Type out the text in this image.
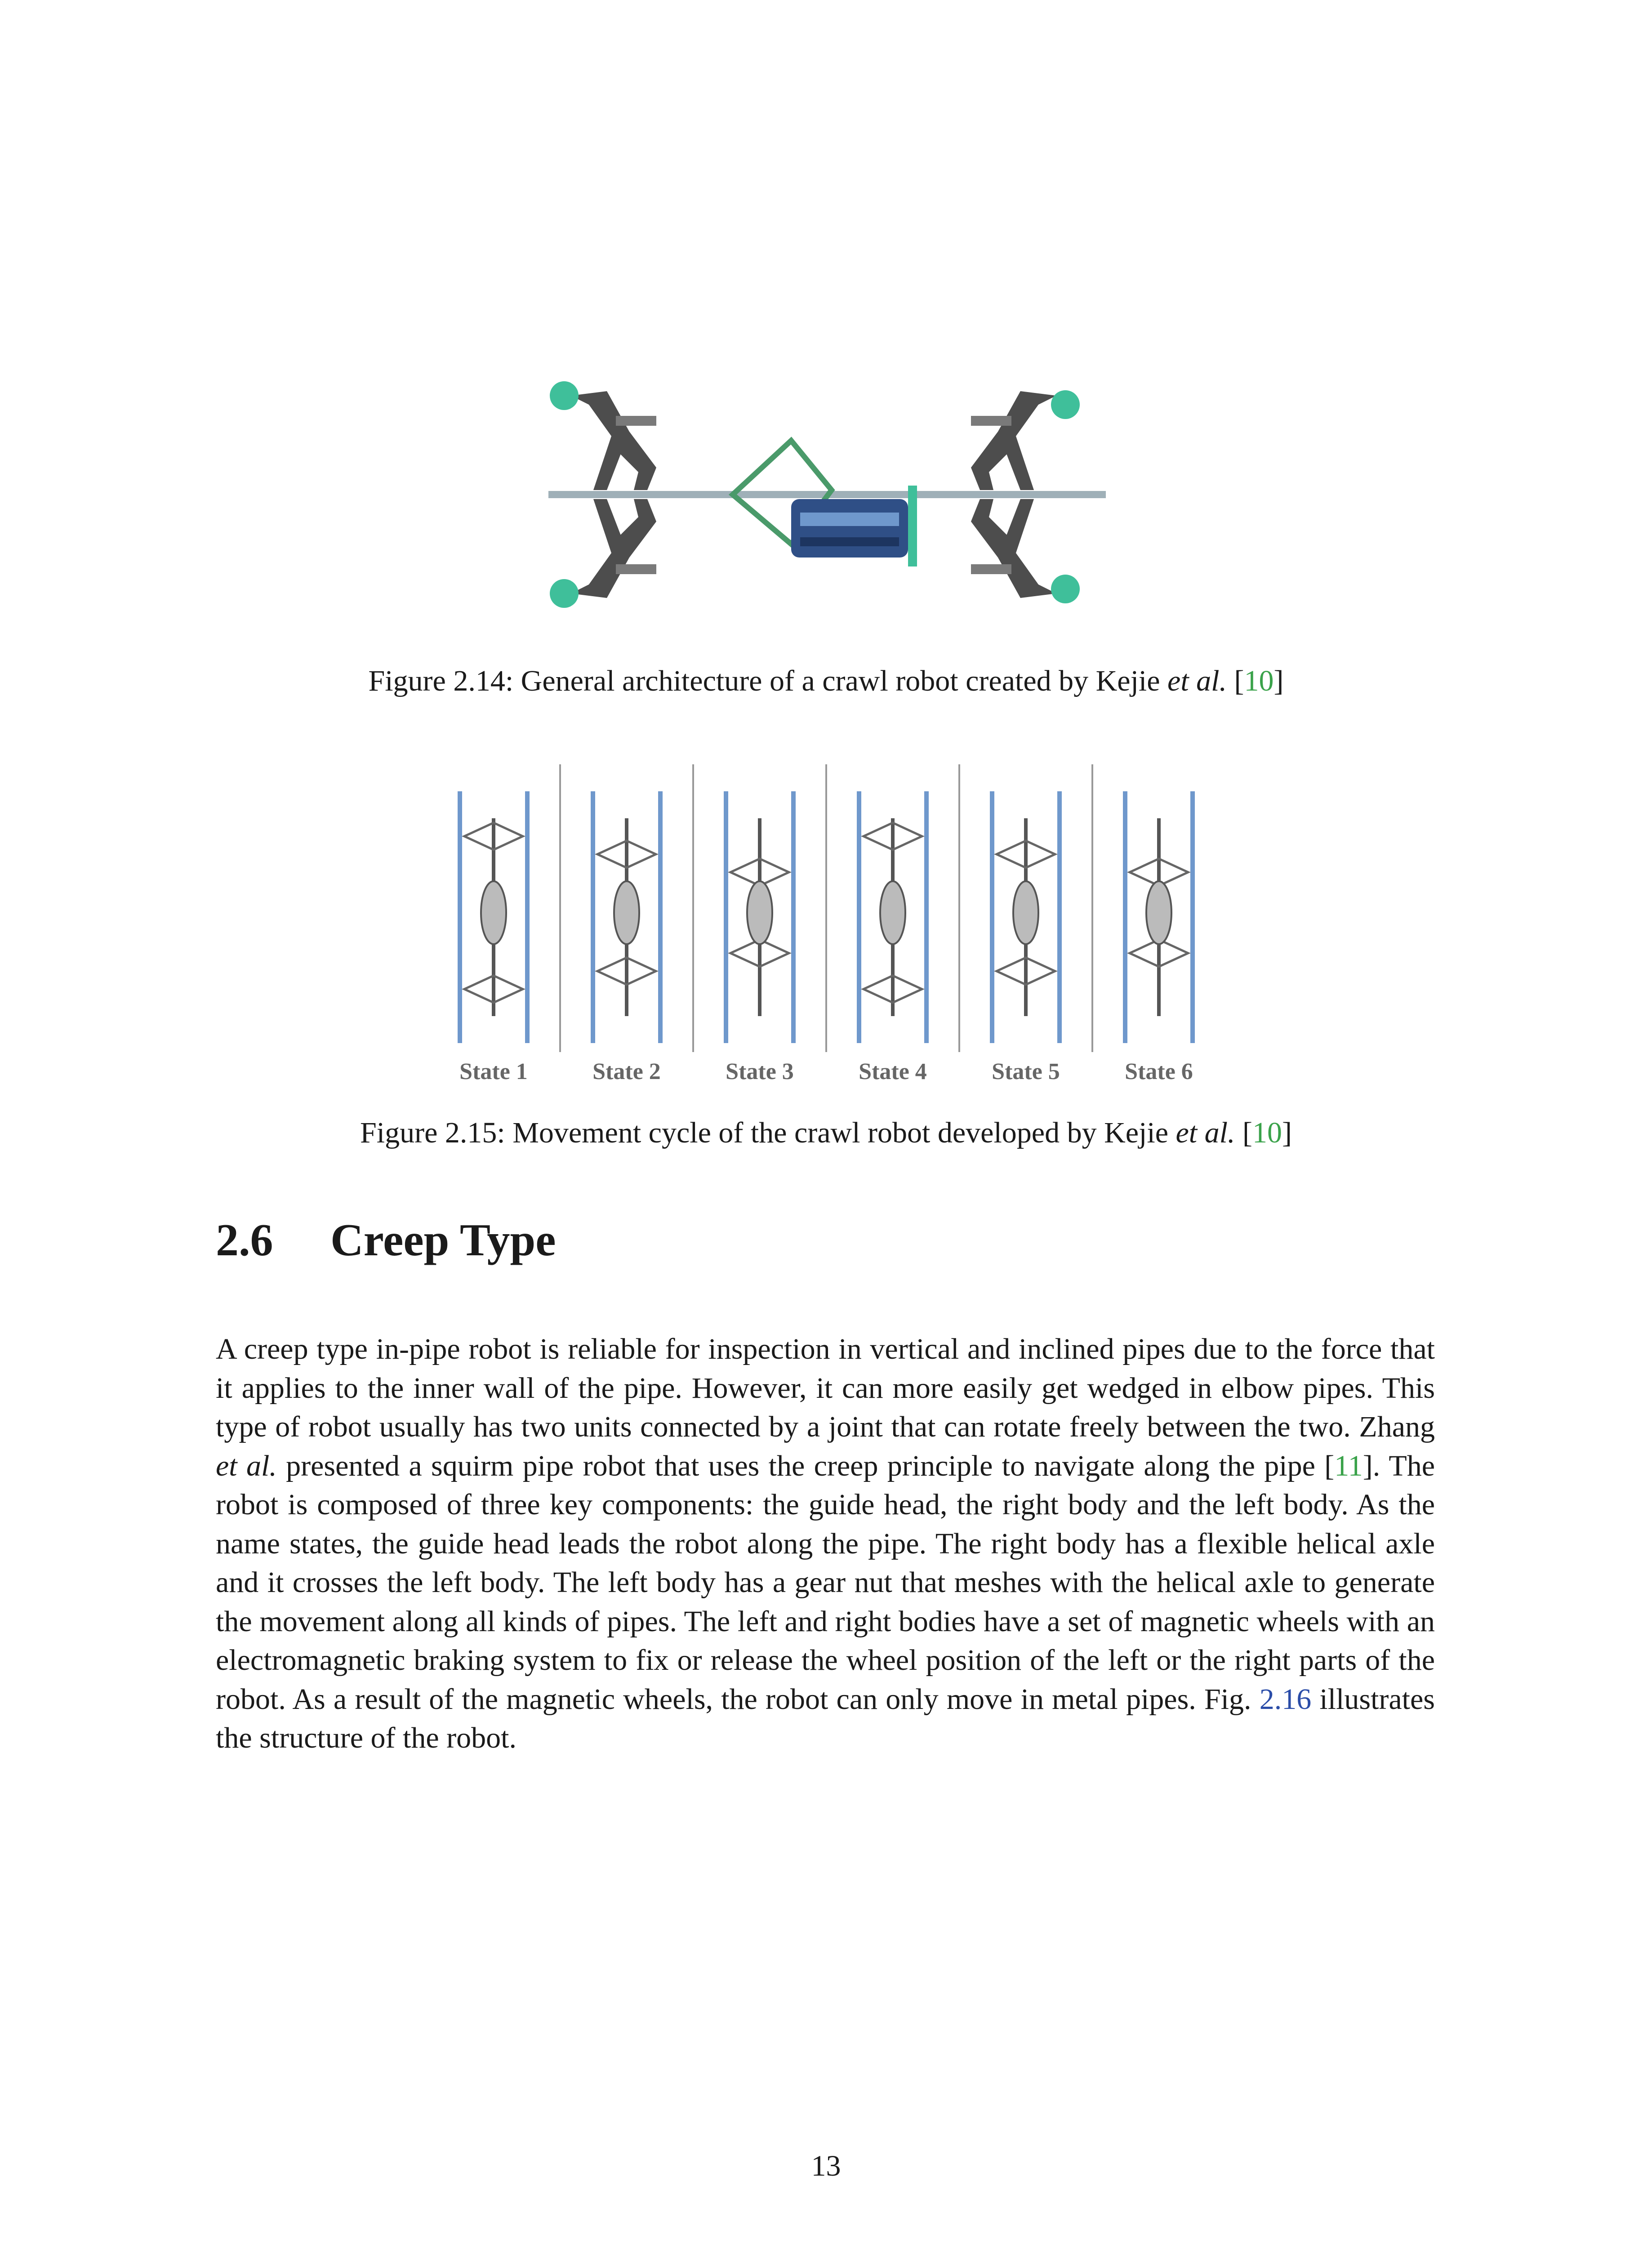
Figure 2.14: General architecture of a crawl robot created by Kejie et al. [10]
State 1	State 2	State 3	State 4	State 5	State 6
Figure 2.15: Movement cycle of the crawl robot developed by Kejie et al. [10]
2.6 Creep Type
A creep type in-pipe robot is reliable for inspection in vertical and inclined pipes due to the force that it applies to the inner wall of the pipe. However, it can more easily get wedged in elbow pipes. This type of robot usually has two units connected by a joint that can rotate freely between the two. Zhang et al. presented a squirm pipe robot that uses the creep principle to navigate along the pipe [11]. The robot is composed of three key components: the guide head, the right body and the left body. As the name states, the guide head leads the robot along the pipe. The right body has a flexible helical axle and it crosses the left body. The left body has a gear nut that meshes with the helical axle to generate the movement along all kinds of pipes. The left and right bodies have a set of magnetic wheels with an electromagnetic braking system to fix or release the wheel position of the left or the right parts of the robot. As a result of the magnetic wheels, the robot can only move in metal pipes. Fig. 2.16 illustrates the structure of the robot.
13
